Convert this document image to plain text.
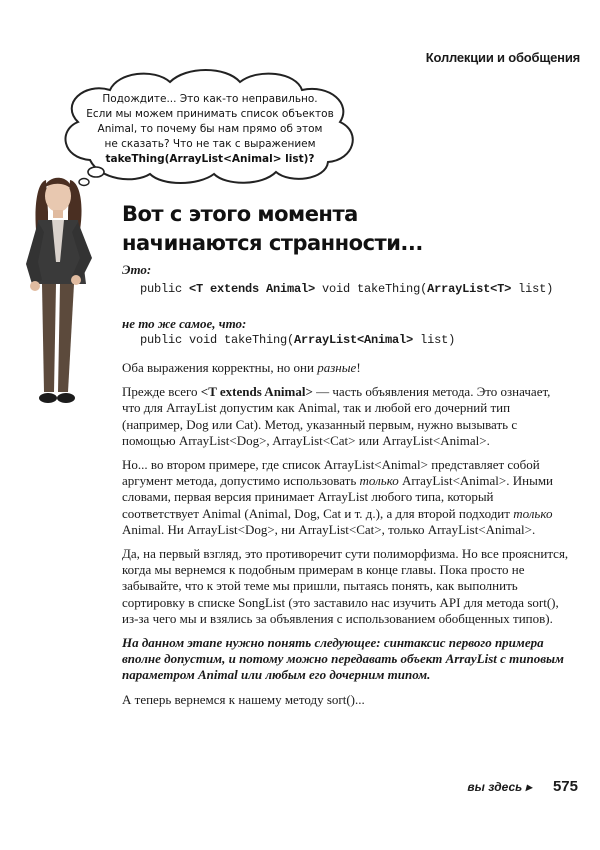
Коллекции и обобщения
Подождите... Это как-то неправильно.
Если мы можем принимать список объектов
Animal, то почему бы нам прямо об этом
не сказать? Что не так с выражением
takeThing(ArrayList<Animal> list)?
Вот с этого момента
начинаются странности...
Это:
public <T extends Animal> void takeThing(ArrayList<T> list)
не то же самое, что:
public void takeThing(ArrayList<Animal> list)

Оба выражения корректны, но они разные!

Прежде всего <T extends Animal> — часть объявления метода. Это означает, что для ArrayList допустим как Animal, так и любой его дочерний тип (например, Dog или Cat). Метод, указанный первым, нужно вызывать с помощью ArrayList<Dog>, ArrayList<Cat> или ArrayList<Animal>.

Но... во втором примере, где список ArrayList<Animal> представляет собой аргумент метода, допустимо использовать только ArrayList<Animal>. Иными словами, первая версия принимает ArrayList любого типа, который соответствует Animal (Animal, Dog, Cat и т. д.), а для второй подходит только Animal. Ни ArrayList<Dog>, ни ArrayList<Cat>, только ArrayList<Animal>.

Да, на первый взгляд, это противоречит сути полиморфизма. Но все прояснится, когда мы вернемся к подобным примерам в конце главы. Пока просто не забывайте, что к этой теме мы пришли, пытаясь понять, как выполнить сортировку в списке SongList (это заставило нас изучить API для метода sort(), из-за чего мы и взялись за объявления с использованием обобщенных типов).

На данном этапе нужно понять следующее: синтаксис первого примера вполне допустим, и потому можно передавать объект ArrayList с типовым параметром Animal или любым его дочерним типом.

А теперь вернемся к нашему методу sort()...

вы здесь ▸ 575
